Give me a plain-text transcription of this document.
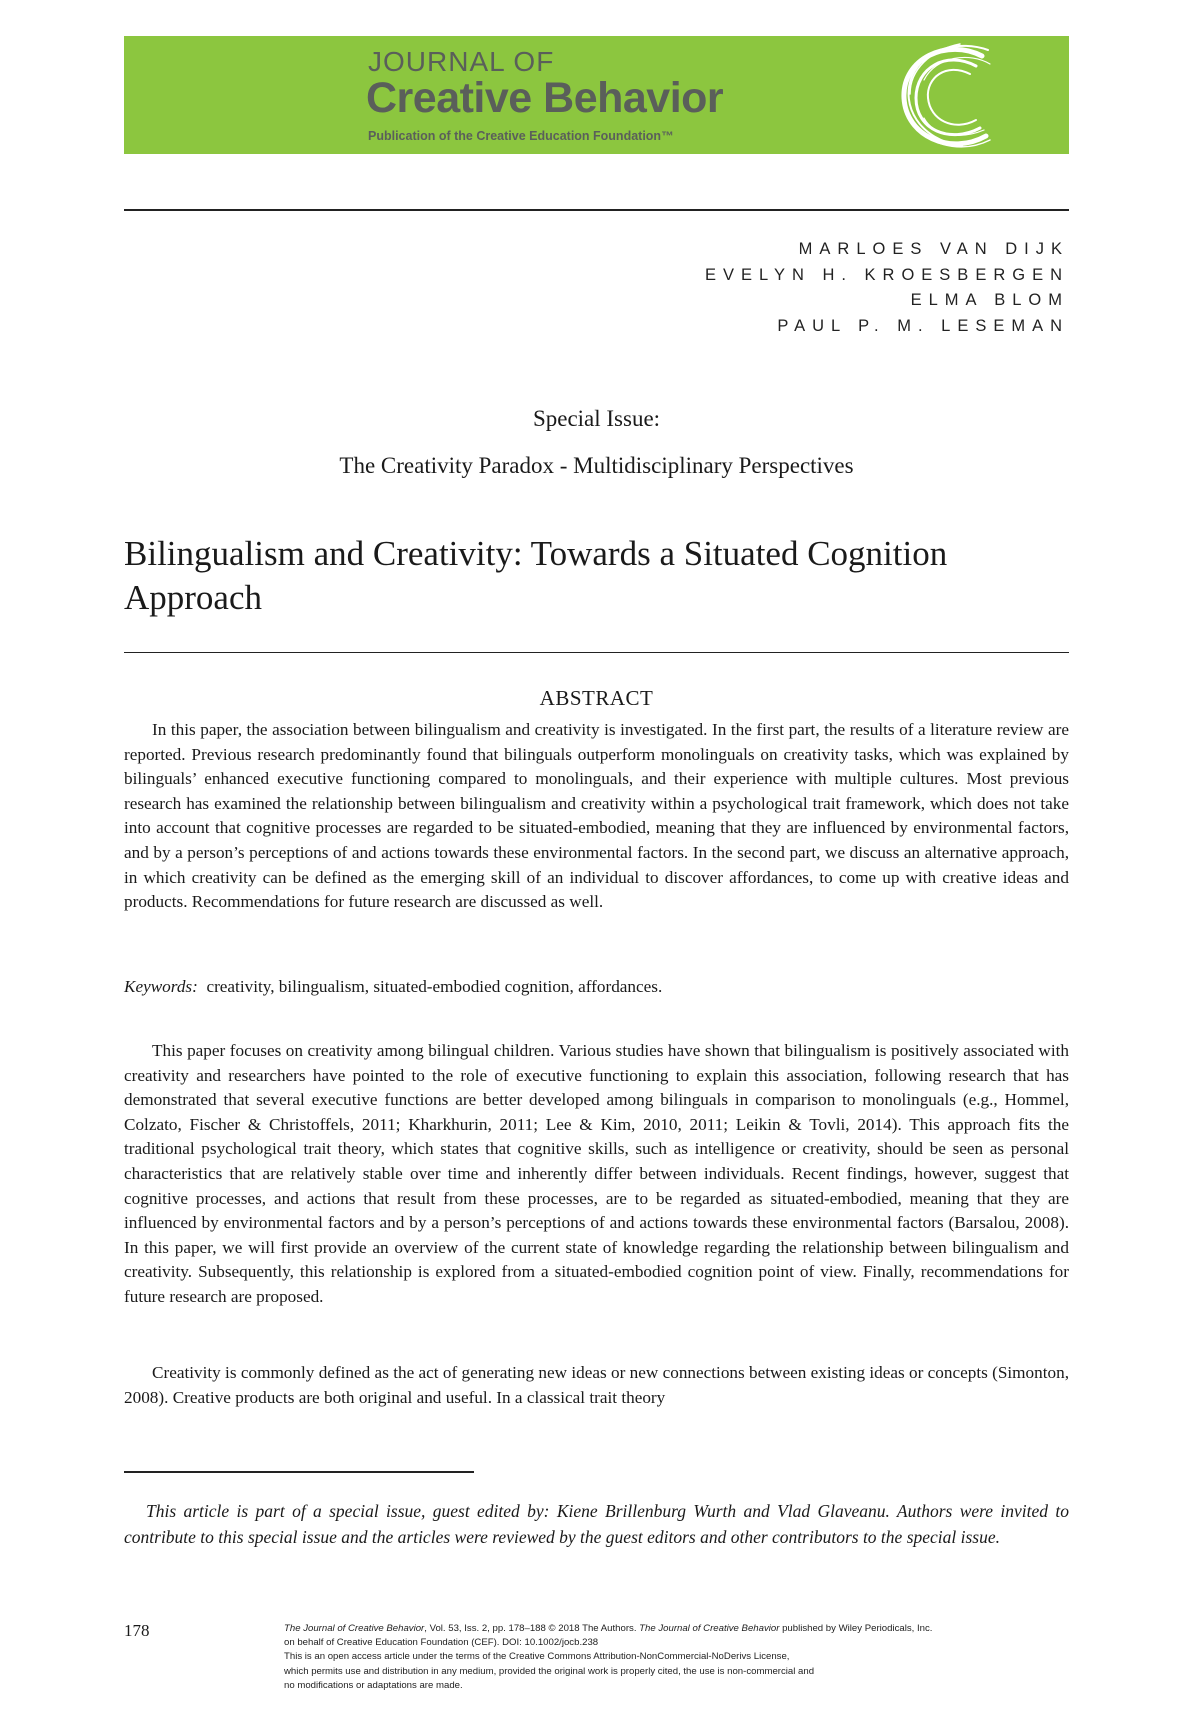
JOURNAL OF
Creative Behavior
Publication of the Creative Education Foundation™
MARLOES VAN DIJK
EVELYN H. KROESBERGEN
ELMA BLOM
PAUL P. M. LESEMAN
Special Issue:
The Creativity Paradox - Multidisciplinary Perspectives
Bilingualism and Creativity: Towards a Situated Cognition Approach
ABSTRACT

In this paper, the association between bilingualism and creativity is investigated. In the first part, the results of a literature review are reported. Previous research predominantly found that bilinguals outperform monolinguals on creativity tasks, which was explained by bilinguals’ enhanced executive functioning compared to monolinguals, and their experience with multiple cultures. Most previous research has examined the relationship between bilingualism and creativity within a psychological trait framework, which does not take into account that cognitive processes are regarded to be situated-embodied, meaning that they are influenced by environmental factors, and by a person’s perceptions of and actions towards these environmental factors. In the second part, we discuss an alternative approach, in which creativity can be defined as the emerging skill of an individual to discover affordances, to come up with creative ideas and products. Recommendations for future research are discussed as well.

Keywords: creativity, bilingualism, situated-embodied cognition, affordances.

This paper focuses on creativity among bilingual children. Various studies have shown that bilingualism is positively associated with creativity and researchers have pointed to the role of executive functioning to explain this association, following research that has demonstrated that several executive functions are better developed among bilinguals in comparison to monolinguals (e.g., Hommel, Colzato, Fischer & Christoffels, 2011; Kharkhurin, 2011; Lee & Kim, 2010, 2011; Leikin & Tovli, 2014). This approach fits the traditional psychological trait theory, which states that cognitive skills, such as intelligence or creativity, should be seen as personal characteristics that are relatively stable over time and inherently differ between individuals. Recent findings, however, suggest that cognitive processes, and actions that result from these processes, are to be regarded as situated-embodied, meaning that they are influenced by environmental factors and by a person’s perceptions of and actions towards these environmental factors (Barsalou, 2008). In this paper, we will first provide an overview of the current state of knowledge regarding the relationship between bilingualism and creativity. Subsequently, this relationship is explored from a situated-embodied cognition point of view. Finally, recommendations for future research are proposed.

Creativity is commonly defined as the act of generating new ideas or new connections between existing ideas or concepts (Simonton, 2008). Creative products are both original and useful. In a classical trait theory

This article is part of a special issue, guest edited by: Kiene Brillenburg Wurth and Vlad Glaveanu. Authors were invited to contribute to this special issue and the articles were reviewed by the guest editors and other contributors to the special issue.

178	The Journal of Creative Behavior, Vol. 53, Iss. 2, pp. 178–188 © 2018 The Authors. The Journal of Creative Behavior published by Wiley Periodicals, Inc.
on behalf of Creative Education Foundation (CEF). DOI: 10.1002/jocb.238
This is an open access article under the terms of the Creative Commons Attribution-NonCommercial-NoDerivs License,
which permits use and distribution in any medium, provided the original work is properly cited, the use is non-commercial and
no modifications or adaptations are made.
